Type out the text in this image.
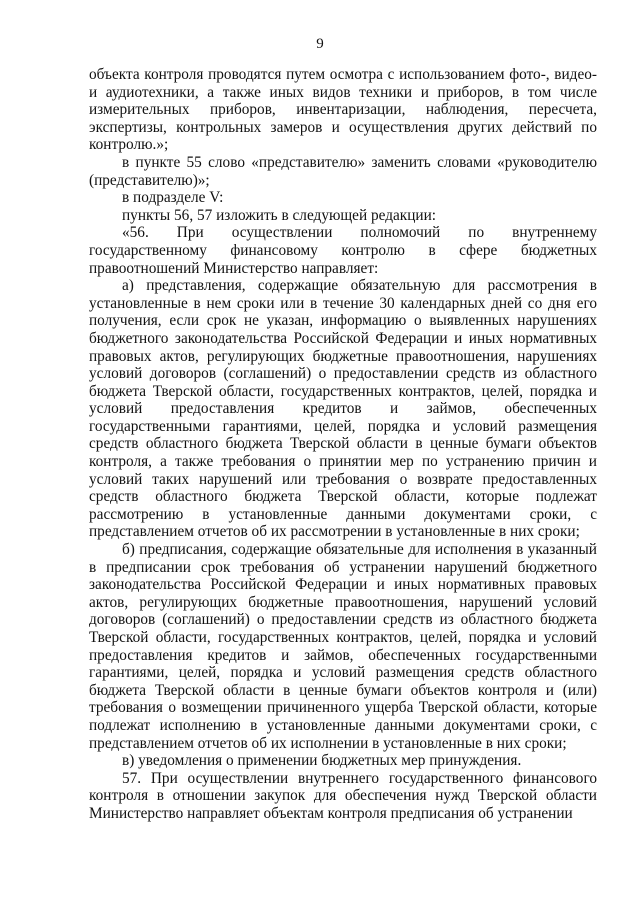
9

объекта контроля проводятся путем осмотра с использованием фото-, видео- и аудиотехники, а также иных видов техники и приборов, в том числе измерительных приборов, инвентаризации, наблюдения, пересчета, экспертизы, контрольных замеров и осуществления других действий по контролю.»;

в пункте 55 слово «представителю» заменить словами «руководителю (представителю)»;

в подразделе V:

пункты 56, 57 изложить в следующей редакции:

«56. При осуществлении полномочий по внутреннему государственному финансовому контролю в сфере бюджетных правоотношений Министерство направляет:

а) представления, содержащие обязательную для рассмотрения в установленные в нем сроки или в течение 30 календарных дней со дня его получения, если срок не указан, информацию о выявленных нарушениях бюджетного законодательства Российской Федерации и иных нормативных правовых актов, регулирующих бюджетные правоотношения, нарушениях условий договоров (соглашений) о предоставлении средств из областного бюджета Тверской области, государственных контрактов, целей, порядка и условий предоставления кредитов и займов, обеспеченных государственными гарантиями, целей, порядка и условий размещения средств областного бюджета Тверской области в ценные бумаги объектов контроля, а также требования о принятии мер по устранению причин и условий таких нарушений или требования о возврате предоставленных средств областного бюджета Тверской области, которые подлежат рассмотрению в установленные данными документами сроки, с представлением отчетов об их рассмотрении в установленные в них сроки;

б) предписания, содержащие обязательные для исполнения в указанный в предписании срок требования об устранении нарушений бюджетного законодательства Российской Федерации и иных нормативных правовых актов, регулирующих бюджетные правоотношения, нарушений условий договоров (соглашений) о предоставлении средств из областного бюджета Тверской области, государственных контрактов, целей, порядка и условий предоставления кредитов и займов, обеспеченных государственными гарантиями, целей, порядка и условий размещения средств областного бюджета Тверской области в ценные бумаги объектов контроля и (или) требования о возмещении причиненного ущерба Тверской области, которые подлежат исполнению в установленные данными документами сроки, с представлением отчетов об их исполнении в установленные в них сроки;

в) уведомления о применении бюджетных мер принуждения.

57. При осуществлении внутреннего государственного финансового контроля в отношении закупок для обеспечения нужд Тверской области Министерство направляет объектам контроля предписания об устранении
